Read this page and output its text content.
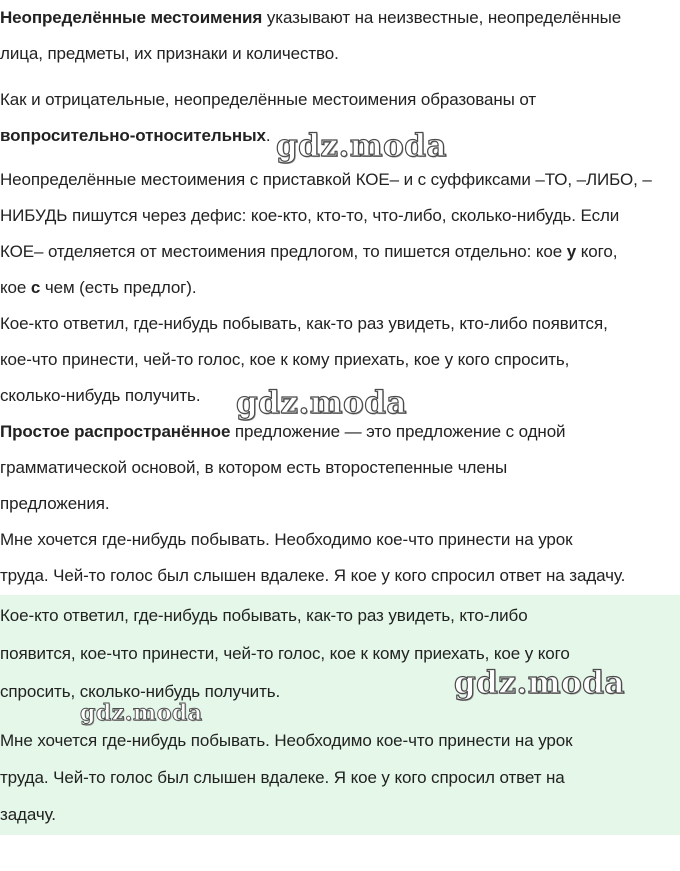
Неопределённые местоимения указывают на неизвестные, неопределённые
лица, предметы, их признаки и количество.
Как и отрицательные, неопределённые местоимения образованы от
вопросительно-относительных.
Неопределённые местоимения с приставкой КОЕ– и с суффиксами –ТО, –ЛИБО, –
НИБУДЬ пишутся через дефис: кое-кто, кто-то, что-либо, сколько-нибудь. Если
КОЕ– отделяется от местоимения предлогом, то пишется отдельно: кое у кого,
кое с чем (есть предлог).
Кое-кто ответил, где-нибудь побывать, как-то раз увидеть, кто-либо появится,
кое-что принести, чей-то голос, кое к кому приехать, кое у кого спросить,
сколько-нибудь получить.
Простое распространённое предложение — это предложение с одной
грамматической основой, в котором есть второстепенные члены
предложения.
Мне хочется где-нибудь побывать. Необходимо кое-что принести на урок
труда. Чей-то голос был слышен вдалеке. Я кое у кого спросил ответ на задачу.
Кое-кто ответил, где-нибудь побывать, как-то раз увидеть, кто-либо
появится, кое-что принести, чей-то голос, кое к кому приехать, кое у кого
спросить, сколько-нибудь получить.
Мне хочется где-нибудь побывать. Необходимо кое-что принести на урок
труда. Чей-то голос был слышен вдалеке. Я кое у кого спросил ответ на
задачу.
gdz.moda
gdz.moda
gdz.moda
gdz.moda
